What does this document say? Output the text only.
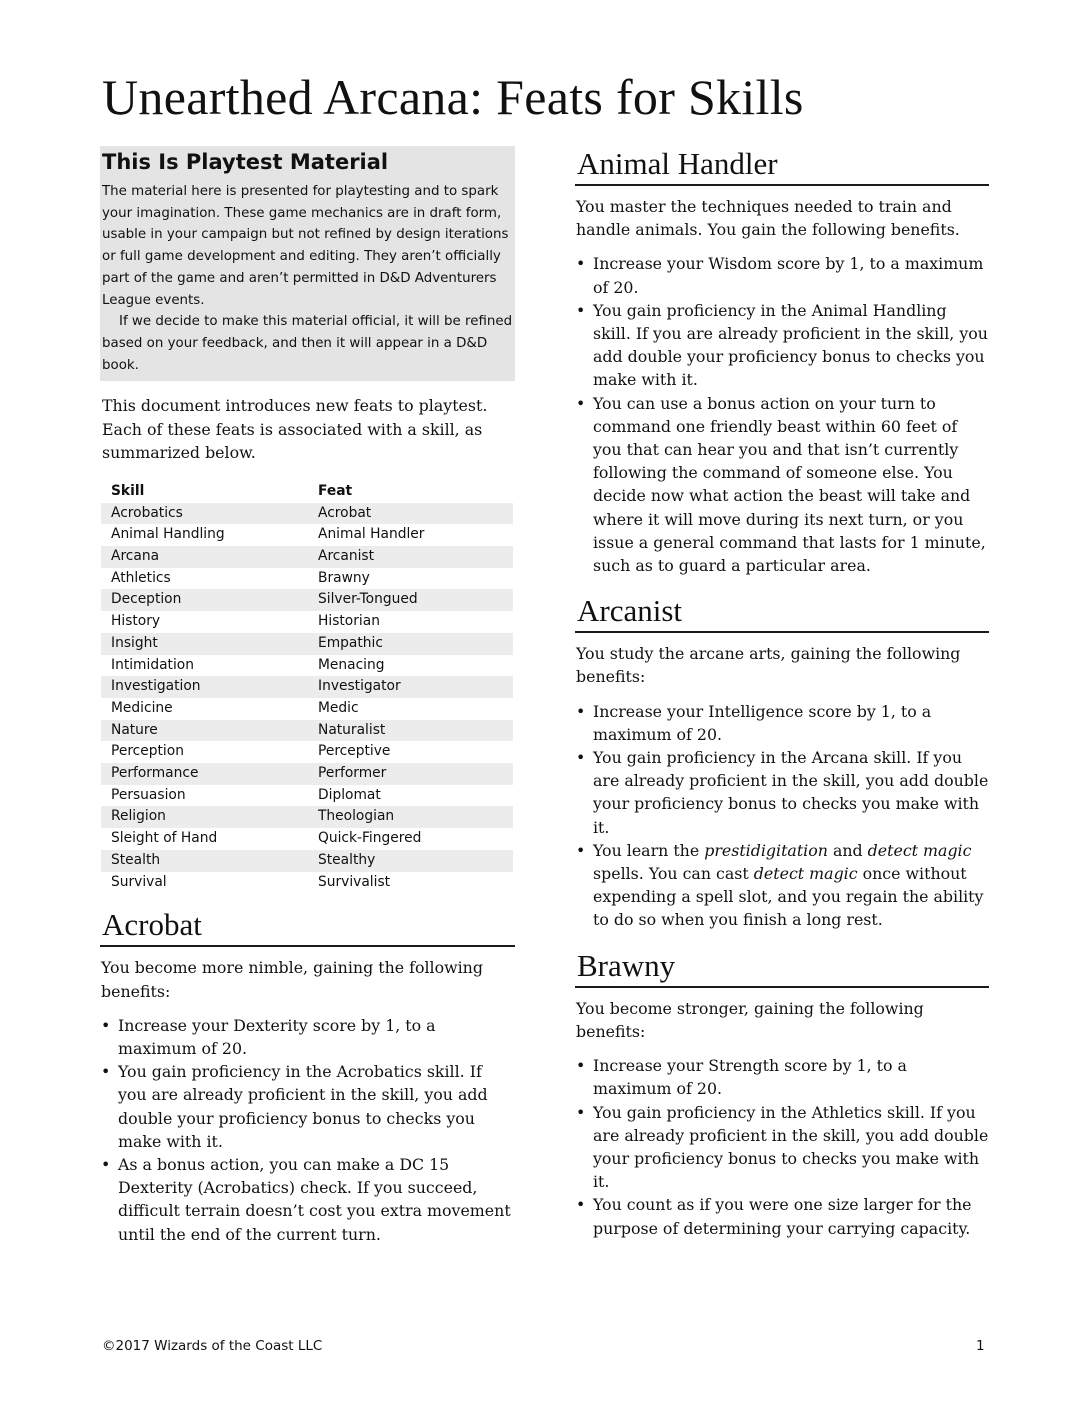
Unearthed Arcana: Feats for Skills
This Is Playtest Material

The material here is presented for playtesting and to spark your imagination. These game mechanics are in draft form, usable in your campaign but not refined by design iterations or full game development and editing. They aren’t officially part of the game and aren’t permitted in D&D Adventurers League events.

If we decide to make this material official, it will be refined based on your feedback, and then it will appear in a D&D book.

This document introduces new feats to playtest. Each of these feats is associated with a skill, as summarized below.

Skill	Feat
Acrobatics	Acrobat
Animal Handling	Animal Handler
Arcana	Arcanist
Athletics	Brawny
Deception	Silver-Tongued
History	Historian
Insight	Empathic
Intimidation	Menacing
Investigation	Investigator
Medicine	Medic
Nature	Naturalist
Perception	Perceptive
Performance	Performer
Persuasion	Diplomat
Religion	Theologian
Sleight of Hand	Quick-Fingered
Stealth	Stealthy
Survival	Survivalist
Acrobat

You become more nimble, gaining the following benefits:

• Increase your Dexterity score by 1, to a maximum of 20.
• You gain proficiency in the Acrobatics skill. If you are already proficient in the skill, you add double your proficiency bonus to checks you make with it.
• As a bonus action, you can make a DC 15 Dexterity (Acrobatics) check. If you succeed, difficult terrain doesn’t cost you extra movement until the end of the current turn.
Animal Handler

You master the techniques needed to train and handle animals. You gain the following benefits.

• Increase your Wisdom score by 1, to a maximum of 20.
• You gain proficiency in the Animal Handling skill. If you are already proficient in the skill, you add double your proficiency bonus to checks you make with it.
• You can use a bonus action on your turn to command one friendly beast within 60 feet of you that can hear you and that isn’t currently following the command of someone else. You decide now what action the beast will take and where it will move during its next turn, or you issue a general command that lasts for 1 minute, such as to guard a particular area.
Arcanist

You study the arcane arts, gaining the following benefits:

• Increase your Intelligence score by 1, to a maximum of 20.
• You gain proficiency in the Arcana skill. If you are already proficient in the skill, you add double your proficiency bonus to checks you make with it.
• You learn the prestidigitation and detect magic spells. You can cast detect magic once without expending a spell slot, and you regain the ability to do so when you finish a long rest.
Brawny

You become stronger, gaining the following benefits:

• Increase your Strength score by 1, to a maximum of 20.
• You gain proficiency in the Athletics skill. If you are already proficient in the skill, you add double your proficiency bonus to checks you make with it.
• You count as if you were one size larger for the purpose of determining your carrying capacity.
©2017 Wizards of the Coast LLC	1
